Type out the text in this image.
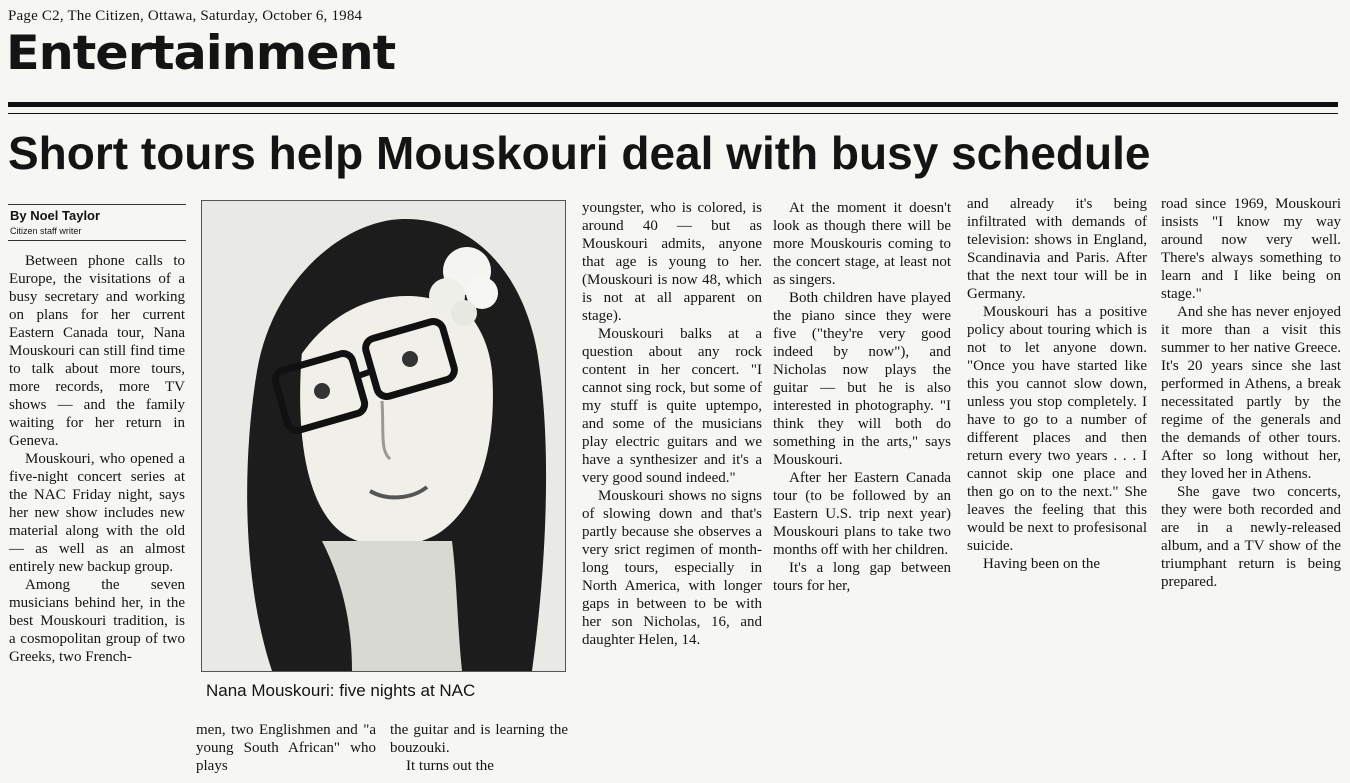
Page C2, The Citizen, Ottawa, Saturday, October 6, 1984
Entertainment
Short tours help Mouskouri deal with busy schedule
By Noel Taylor
Citizen staff writer

Between phone calls to Europe, the visitations of a busy secretary and working on plans for her current Eastern Canada tour, Nana Mouskouri can still find time to talk about more tours, more records, more TV shows — and the family waiting for her return in Geneva.

Mouskouri, who opened a five-night concert series at the NAC Friday night, says her new show includes new material along with the old — as well as an almost entirely new backup group.

Among the seven musicians behind her, in the best Mouskouri tradition, is a cosmopolitan group of two Greeks, two French-

Nana Mouskouri: five nights at NAC

men, two Englishmen and "a young South African" who plays

the guitar and is learning the bouzouki.

It turns out the

youngster, who is colored, is around 40 — but as Mouskouri admits, anyone that age is young to her. (Mouskouri is now 48, which is not at all apparent on stage).

Mouskouri balks at a question about any rock content in her concert. "I cannot sing rock, but some of my stuff is quite uptempo, and some of the musicians play electric guitars and we have a synthesizer and it's a very good sound indeed."

Mouskouri shows no signs of slowing down and that's partly because she observes a very srict regimen of month-long tours, especially in North America, with longer gaps in between to be with her son Nicholas, 16, and daughter Helen, 14.

At the moment it doesn't look as though there will be more Mouskouris coming to the concert stage, at least not as singers.

Both children have played the piano since they were five ("they're very good indeed by now"), and Nicholas now plays the guitar — but he is also interested in photography. "I think they will both do something in the arts," says Mouskouri.

After her Eastern Canada tour (to be followed by an Eastern U.S. trip next year) Mouskouri plans to take two months off with her children.

It's a long gap between tours for her,

and already it's being infiltrated with demands of television: shows in England, Scandinavia and Paris. After that the next tour will be in Germany.

Mouskouri has a positive policy about touring which is not to let anyone down. "Once you have started like this you cannot slow down, unless you stop completely. I have to go to a number of different places and then return every two years . . . I cannot skip one place and then go on to the next." She leaves the feeling that this would be next to profesisonal suicide.

Having been on the

road since 1969, Mouskouri insists "I know my way around now very well. There's always something to learn and I like being on stage."

And she has never enjoyed it more than a visit this summer to her native Greece. It's 20 years since she last performed in Athens, a break necessitated partly by the regime of the generals and the demands of other tours. After so long without her, they loved her in Athens.

She gave two concerts, they were both recorded and are in a newly-released album, and a TV show of the triumphant return is being prepared.
